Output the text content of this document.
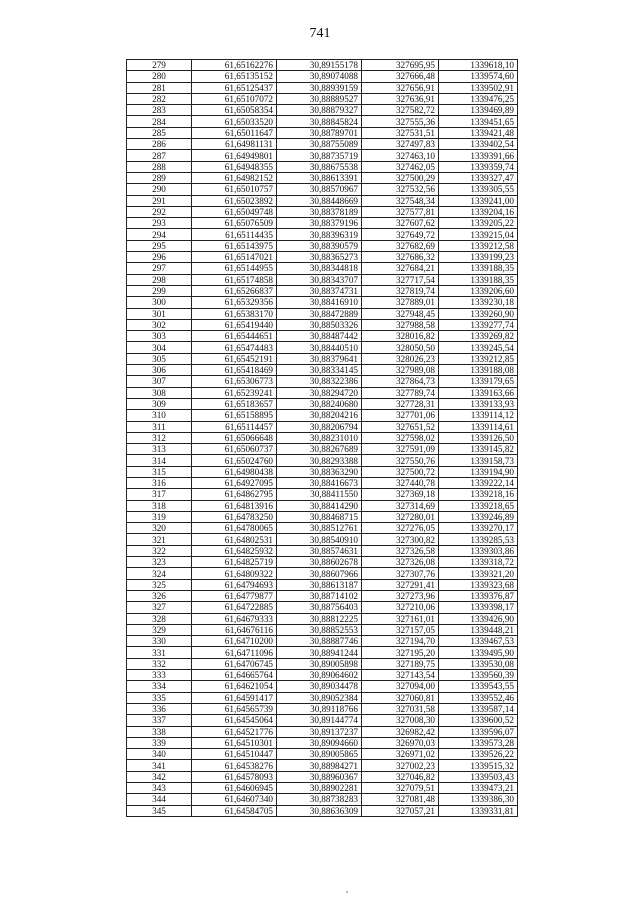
741
279	61,65162276	30,89155178	327695,95	1339618,10
280	61,65135152	30,89074088	327666,48	1339574,60
281	61,65125437	30,88939159	327656,91	1339502,91
282	61,65107072	30,88889527	327636,91	1339476,25
283	61,65058354	30,88879327	327582,72	1339469,89
284	61,65033520	30,88845824	327555,36	1339451,65
285	61,65011647	30,88789701	327531,51	1339421,48
286	61,64981131	30,88755089	327497,83	1339402,54
287	61,64949801	30,88735719	327463,10	1339391,66
288	61,64948355	30,88675538	327462,05	1339359,74
289	61,64982152	30,88613391	327500,29	1339327,47
290	61,65010757	30,88570967	327532,56	1339305,55
291	61,65023892	30,88448669	327548,34	1339241,00
292	61,65049748	30,88378189	327577,81	1339204,16
293	61,65076509	30,88379196	327607,62	1339205,22
294	61,65114435	30,88396319	327649,72	1339215,04
295	61,65143975	30,88390579	327682,69	1339212,58
296	61,65147021	30,88365273	327686,32	1339199,23
297	61,65144955	30,88344818	327684,21	1339188,35
298	61,65174858	30,88343707	327717,54	1339188,35
299	61,65266837	30,88374731	327819,74	1339206,60
300	61,65329356	30,88416910	327889,01	1339230,18
301	61,65383170	30,88472889	327948,45	1339260,90
302	61,65419440	30,88503326	327988,58	1339277,74
303	61,65444651	30,88487442	328016,82	1339269,82
304	61,65474483	30,88440510	328050,50	1339245,54
305	61,65452191	30,88379641	328026,23	1339212,85
306	61,65418469	30,88334145	327989,08	1339188,08
307	61,65306773	30,88322386	327864,73	1339179,65
308	61,65239241	30,88294720	327789,74	1339163,66
309	61,65183657	30,88240680	327728,31	1339133,93
310	61,65158895	30,88204216	327701,06	1339114,12
311	61,65114457	30,88206794	327651,52	1339114,61
312	61,65066648	30,88231010	327598,02	1339126,50
313	61,65060737	30,88267689	327591,09	1339145,82
314	61,65024760	30,88293388	327550,76	1339158,73
315	61,64980438	30,88363290	327500,72	1339194,90
316	61,64927095	30,88416673	327440,78	1339222,14
317	61,64862795	30,88411550	327369,18	1339218,16
318	61,64813916	30,88414290	327314,69	1339218,65
319	61,64783250	30,88468715	327280,01	1339246,89
320	61,64780065	30,88512761	327276,05	1339270,17
321	61,64802531	30,88540910	327300,82	1339285,53
322	61,64825932	30,88574631	327326,58	1339303,86
323	61,64825719	30,88602678	327326,08	1339318,72
324	61,64809322	30,88607966	327307,76	1339321,20
325	61,64794693	30,88613187	327291,41	1339323,68
326	61,64779877	30,88714102	327273,96	1339376,87
327	61,64722885	30,88756403	327210,06	1339398,17
328	61,64679333	30,88812225	327161,01	1339426,90
329	61,64676116	30,88852553	327157,05	1339448,21
330	61,64710200	30,88887746	327194,70	1339467,53
331	61,64711096	30,88941244	327195,20	1339495,90
332	61,64706745	30,89005898	327189,75	1339530,08
333	61,64665764	30,89064602	327143,54	1339560,39
334	61,64621054	30,89034478	327094,00	1339543,55
335	61,64591417	30,89052384	327060,81	1339552,46
336	61,64565739	30,89118766	327031,58	1339587,14
337	61,64545064	30,89144774	327008,30	1339600,52
338	61,64521776	30,89137237	326982,42	1339596,07
339	61,64510301	30,89094660	326970,03	1339573,28
340	61,64510447	30,89005865	326971,02	1339526,22
341	61,64538276	30,88984271	327002,23	1339515,32
342	61,64578093	30,88960367	327046,82	1339503,43
343	61,64606945	30,88902281	327079,51	1339473,21
344	61,64607340	30,88738283	327081,48	1339386,30
345	61,64584705	30,88636309	327057,21	1339331,81
